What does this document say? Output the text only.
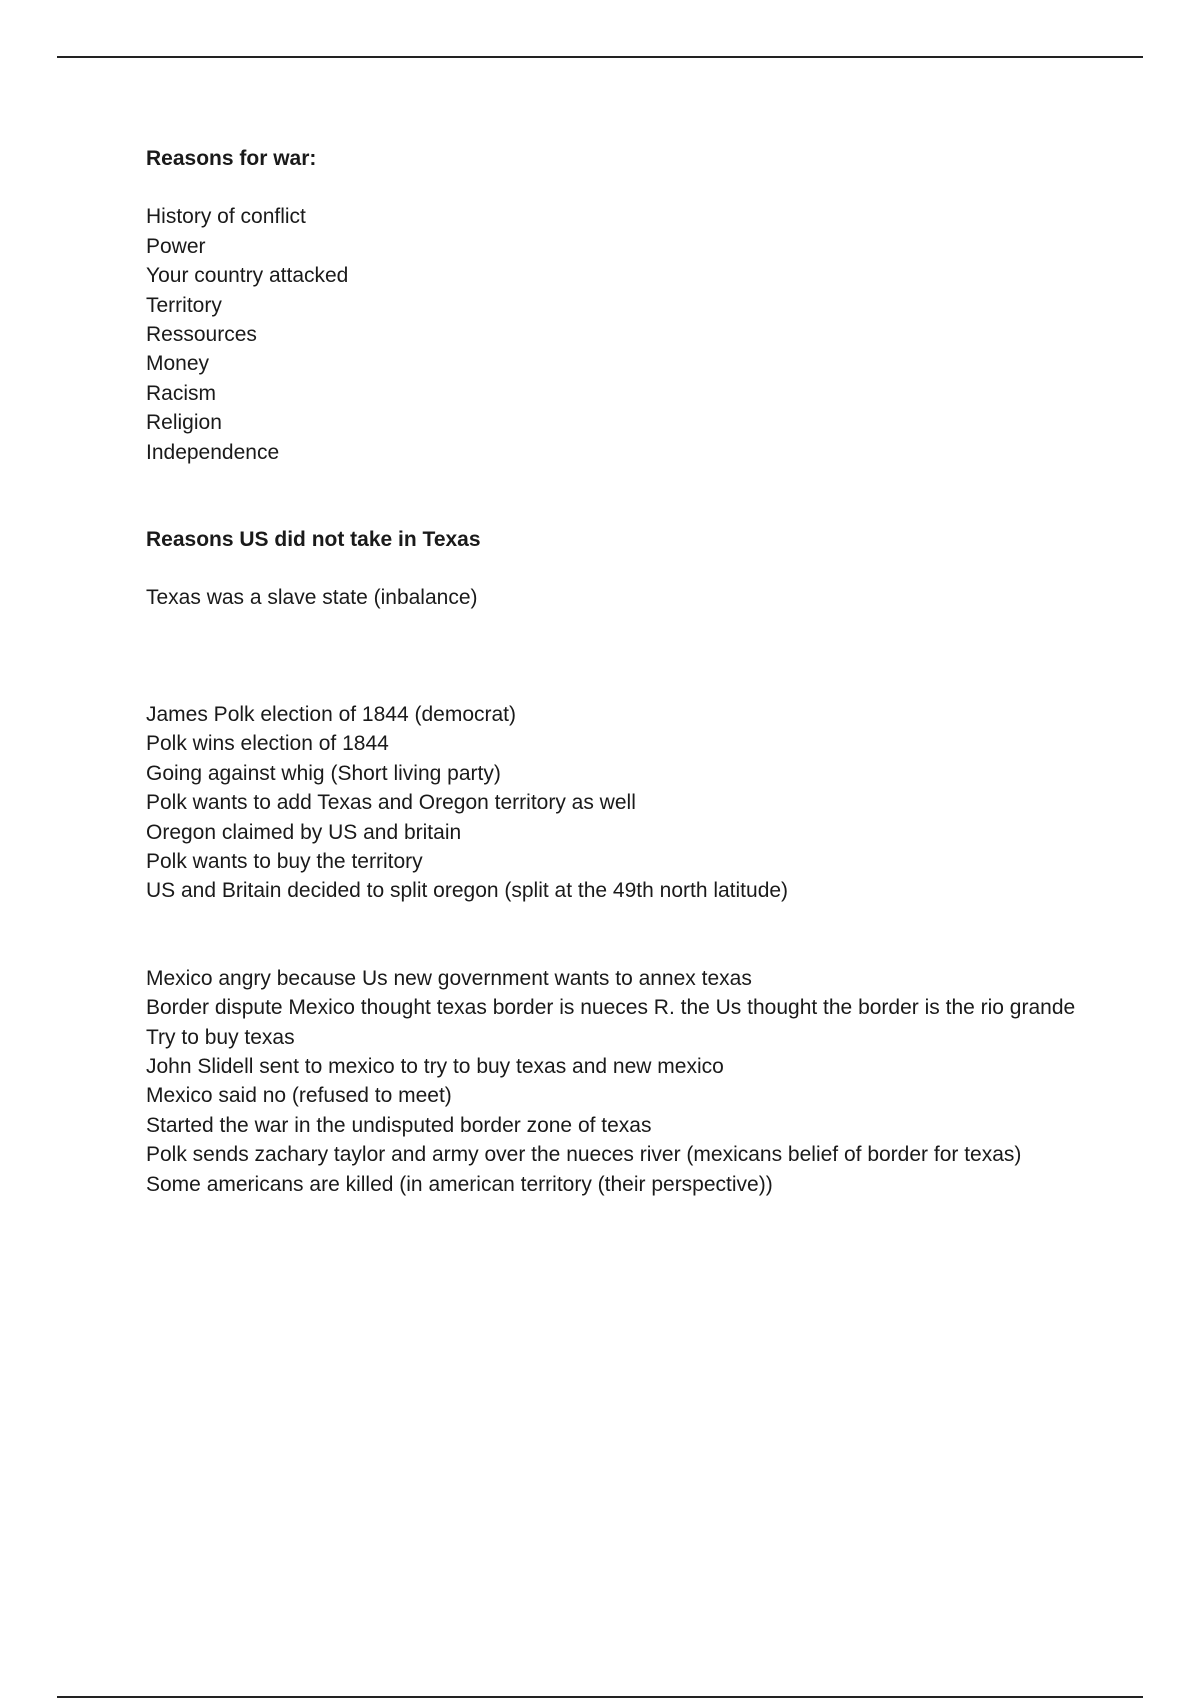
Reasons for war:

History of conflict

Power

Your country attacked

Territory

Ressources

Money

Racism

Religion

Independence

Reasons US did not take in Texas

Texas was a slave state (inbalance)

James Polk election of 1844 (democrat)

Polk wins election of 1844

Going against whig (Short living party)

Polk wants to add Texas and Oregon territory as well

Oregon claimed by US and britain

Polk wants to buy the territory

US and Britain decided to split oregon (split at the 49th north latitude)

Mexico angry because Us new government wants to annex texas

Border dispute Mexico thought texas border is nueces R. the Us thought the border is the rio grande

Try to buy texas

John Slidell sent to mexico to try to buy texas and new mexico

Mexico said no (refused to meet)

Started the war in the undisputed border zone of texas

Polk sends zachary taylor and army over the nueces river (mexicans belief of border for texas)

Some americans are killed (in american territory (their perspective))
